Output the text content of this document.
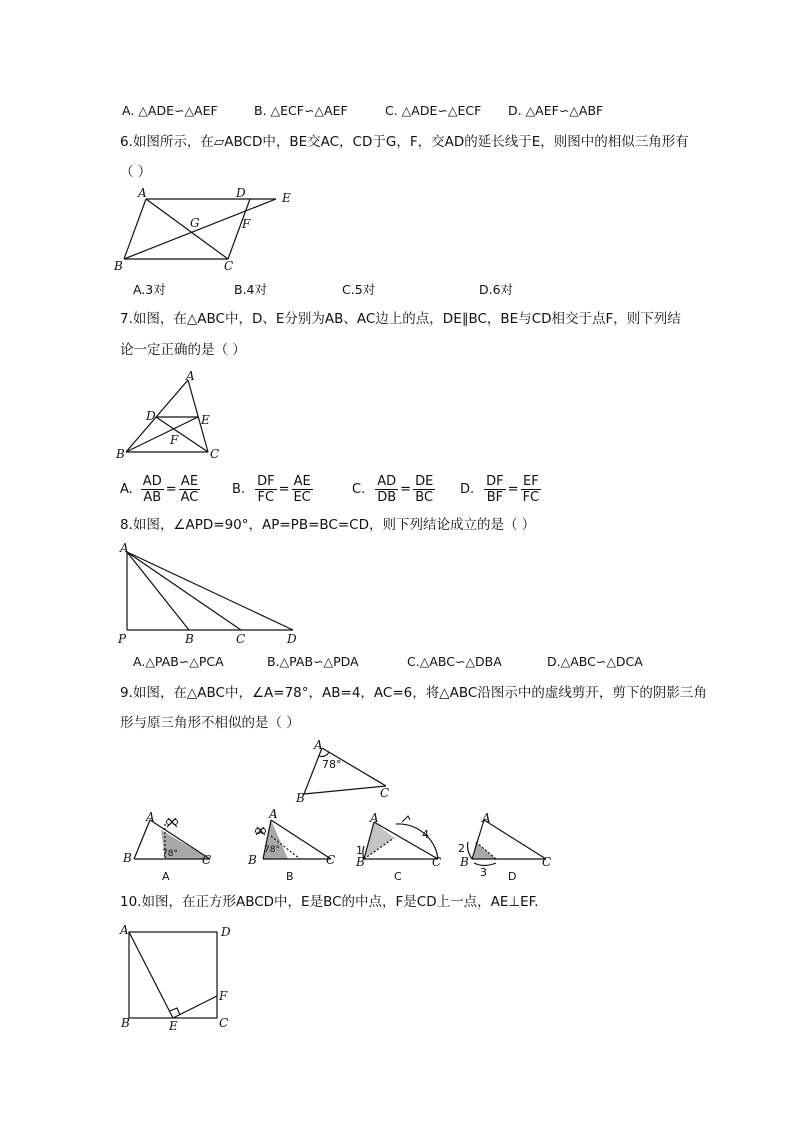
A. △ADE∽△AEF	B. △ECF∽△AEF	C. △ADE∽△ECF D. △AEF∽△ABF
6.如图所示，在▱ABCD中，BE交AC，CD于G，F，交AD的延长线于E，则图中的相似三角形有
（ ）
A	D	E
G	F
B	C
A.3对	B.4对	C.5对	D.6对
7.如图，在△ABC中，D、E分别为AB、AC边上的点，DE∥BC，BE与CD相交于点F，则下列结
论一定正确的是（ ）
A
D	E
F
B	C
A. $\frac{AD}{AB} = \frac{AE}{AC} B$. $\frac{DF}{FC} = \frac{AE}{EC}$	C. $\frac{AD}{DB} = \frac{DE}{BC} D$. $\frac{DF}{BF} = \frac{EF}{FC}$
8.如图，∠APD=90°，AP=PB=BC=CD，则下列结论成立的是（ ）
A
P	B	C	D
A.△PAB∽△PCA	B.△PAB∽△PDA	C.△ABC∽△DBA	D.△ABC∽△DCA
9.如图，在△ABC中，∠A=78°，AB=4，AC=6，将△ABC沿图示中的虚线剪开，剪下的阴影三角
形与原三角形不相似的是（ ）
A
78°
B	C
78°
A
B	C
A
78°
A
B	C
B
1
4
A
B	C
C
2
3
A
B	C
D
10.如图，在正方形ABCD中，E是BC的中点，F是CD上一点，AE⊥EF.
A	D
F
B	E	C
